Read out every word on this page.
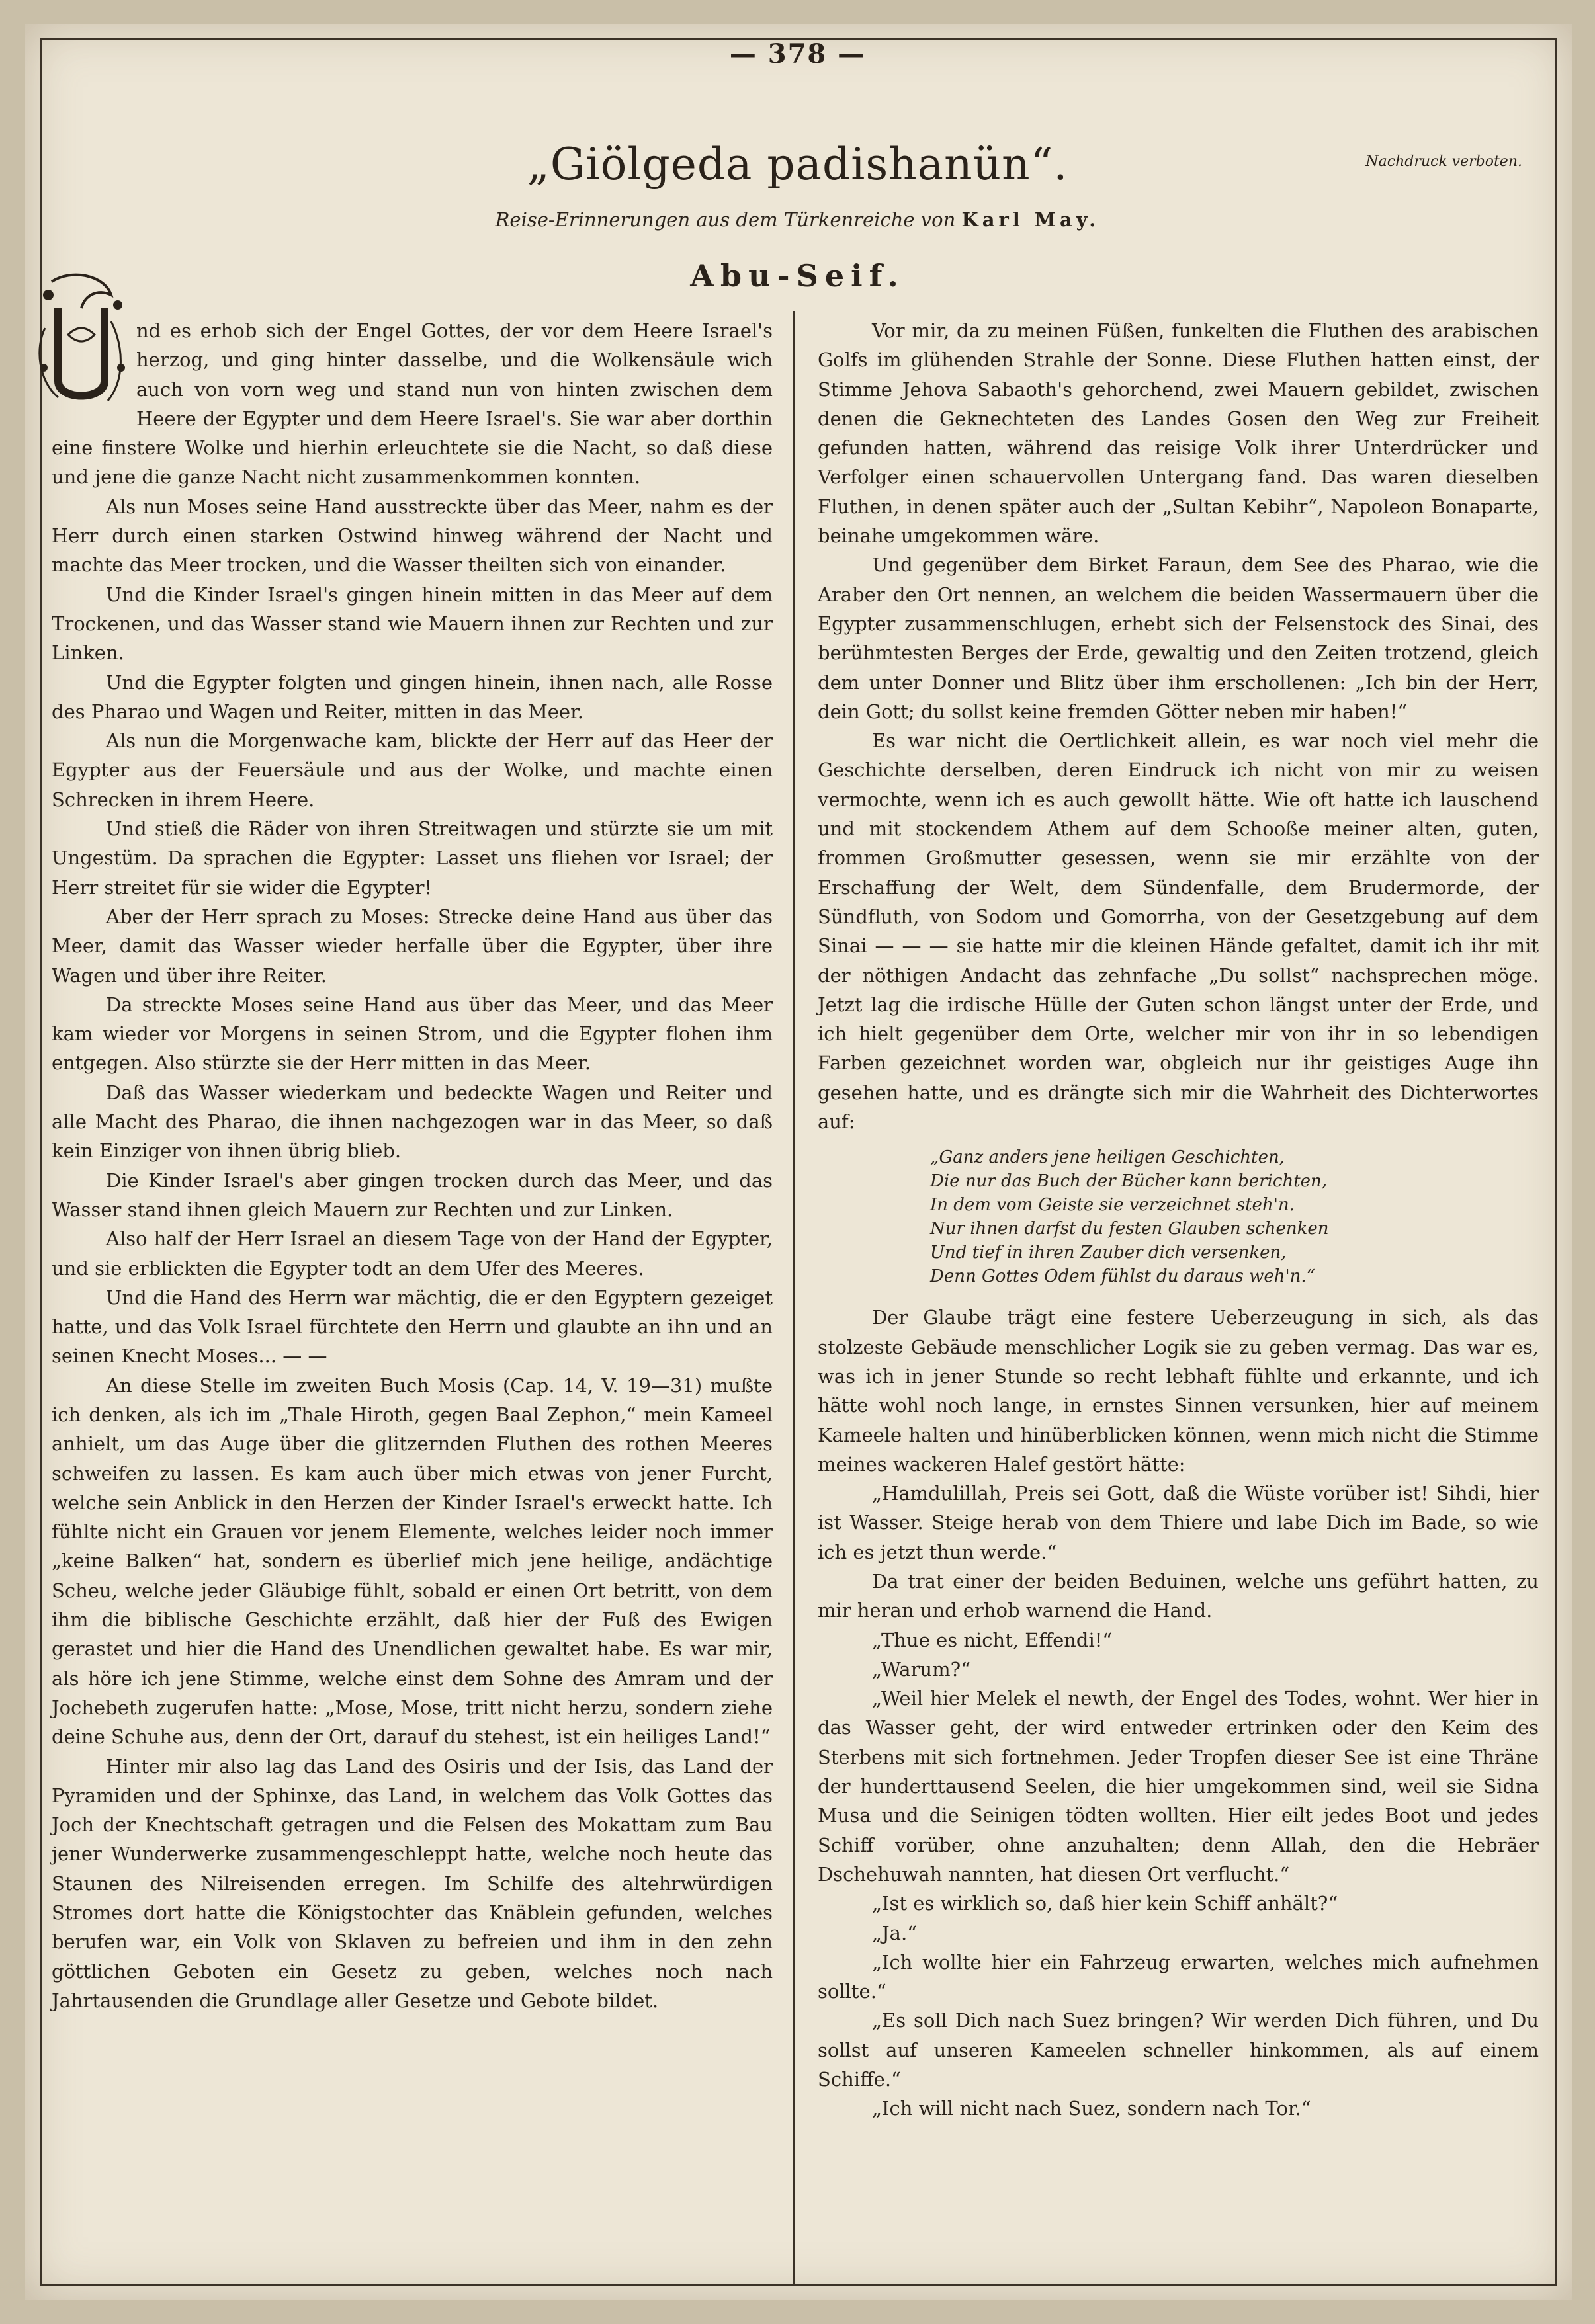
— 378 —
„Giölgeda padishanün“.	Nachdruck verboten.
Reise-Erinnerungen aus dem Türkenreiche von Karl May.
Abu-Seif.

nd es erhob sich der Engel Gottes, der vor dem Heere Israel's herzog, und ging hinter dasselbe, und die Wolkensäule wich auch von vorn weg und stand nun von hinten zwischen dem Heere der Egypter und dem Heere Israel's. Sie war aber dorthin eine finstere Wolke und hierhin erleuchtete sie die Nacht, so daß diese und jene die ganze Nacht nicht zusammenkommen konnten.

Als nun Moses seine Hand ausstreckte über das Meer, nahm es der Herr durch einen starken Ostwind hinweg während der Nacht und machte das Meer trocken, und die Wasser theilten sich von einander.

Und die Kinder Israel's gingen hinein mitten in das Meer auf dem Trockenen, und das Wasser stand wie Mauern ihnen zur Rechten und zur Linken.

Und die Egypter folgten und gingen hinein, ihnen nach, alle Rosse des Pharao und Wagen und Reiter, mitten in das Meer.

Als nun die Morgenwache kam, blickte der Herr auf das Heer der Egypter aus der Feuersäule und aus der Wolke, und machte einen Schrecken in ihrem Heere.

Und stieß die Räder von ihren Streitwagen und stürzte sie um mit Ungestüm. Da sprachen die Egypter: Lasset uns fliehen vor Israel; der Herr streitet für sie wider die Egypter!

Aber der Herr sprach zu Moses: Strecke deine Hand aus über das Meer, damit das Wasser wieder herfalle über die Egypter, über ihre Wagen und über ihre Reiter.

Da streckte Moses seine Hand aus über das Meer, und das Meer kam wieder vor Morgens in seinen Strom, und die Egypter flohen ihm entgegen. Also stürzte sie der Herr mitten in das Meer.

Daß das Wasser wiederkam und bedeckte Wagen und Reiter und alle Macht des Pharao, die ihnen nachgezogen war in das Meer, so daß kein Einziger von ihnen übrig blieb.

Die Kinder Israel's aber gingen trocken durch das Meer, und das Wasser stand ihnen gleich Mauern zur Rechten und zur Linken.

Also half der Herr Israel an diesem Tage von der Hand der Egypter, und sie erblickten die Egypter todt an dem Ufer des Meeres.

Und die Hand des Herrn war mächtig, die er den Egyptern gezeiget hatte, und das Volk Israel fürchtete den Herrn und glaubte an ihn und an seinen Knecht Moses... — —

An diese Stelle im zweiten Buch Mosis (Cap. 14, V. 19—31) mußte ich denken, als ich im „Thale Hiroth, gegen Baal Zephon,“ mein Kameel anhielt, um das Auge über die glitzernden Fluthen des rothen Meeres schweifen zu lassen. Es kam auch über mich etwas von jener Furcht, welche sein Anblick in den Herzen der Kinder Israel's erweckt hatte. Ich fühlte nicht ein Grauen vor jenem Elemente, welches leider noch immer „keine Balken“ hat, sondern es überlief mich jene heilige, andächtige Scheu, welche jeder Gläubige fühlt, sobald er einen Ort betritt, von dem ihm die biblische Geschichte erzählt, daß hier der Fuß des Ewigen gerastet und hier die Hand des Unendlichen gewaltet habe. Es war mir, als höre ich jene Stimme, welche einst dem Sohne des Amram und der Jochebeth zugerufen hatte: „Mose, Mose, tritt nicht herzu, sondern ziehe deine Schuhe aus, denn der Ort, darauf du stehest, ist ein heiliges Land!“

Hinter mir also lag das Land des Osiris und der Isis, das Land der Pyramiden und der Sphinxe, das Land, in welchem das Volk Gottes das Joch der Knechtschaft getragen und die Felsen des Mokattam zum Bau jener Wunderwerke zusammengeschleppt hatte, welche noch heute das Staunen des Nilreisenden erregen. Im Schilfe des altehrwürdigen Stromes dort hatte die Königstochter das Knäblein gefunden, welches berufen war, ein Volk von Sklaven zu befreien und ihm in den zehn göttlichen Geboten ein Gesetz zu geben, welches noch nach Jahrtausenden die Grundlage aller Gesetze und Gebote bildet.

Vor mir, da zu meinen Füßen, funkelten die Fluthen des arabischen Golfs im glühenden Strahle der Sonne. Diese Fluthen hatten einst, der Stimme Jehova Sabaoth's gehorchend, zwei Mauern gebildet, zwischen denen die Geknechteten des Landes Gosen den Weg zur Freiheit gefunden hatten, während das reisige Volk ihrer Unterdrücker und Verfolger einen schauervollen Untergang fand. Das waren dieselben Fluthen, in denen später auch der „Sultan Kebihr“, Napoleon Bonaparte, beinahe umgekommen wäre.

Und gegenüber dem Birket Faraun, dem See des Pharao, wie die Araber den Ort nennen, an welchem die beiden Wassermauern über die Egypter zusammenschlugen, erhebt sich der Felsenstock des Sinai, des berühmtesten Berges der Erde, gewaltig und den Zeiten trotzend, gleich dem unter Donner und Blitz über ihm erschollenen: „Ich bin der Herr, dein Gott; du sollst keine fremden Götter neben mir haben!“

Es war nicht die Oertlichkeit allein, es war noch viel mehr die Geschichte derselben, deren Eindruck ich nicht von mir zu weisen vermochte, wenn ich es auch gewollt hätte. Wie oft hatte ich lauschend und mit stockendem Athem auf dem Schooße meiner alten, guten, frommen Großmutter gesessen, wenn sie mir erzählte von der Erschaffung der Welt, dem Sündenfalle, dem Brudermorde, der Sündfluth, von Sodom und Gomorrha, von der Gesetzgebung auf dem Sinai — — — sie hatte mir die kleinen Hände gefaltet, damit ich ihr mit der nöthigen Andacht das zehnfache „Du sollst“ nachsprechen möge. Jetzt lag die irdische Hülle der Guten schon längst unter der Erde, und ich hielt gegenüber dem Orte, welcher mir von ihr in so lebendigen Farben gezeichnet worden war, obgleich nur ihr geistiges Auge ihn gesehen hatte, und es drängte sich mir die Wahrheit des Dichterwortes auf:

„Ganz anders jene heiligen Geschichten,
Die nur das Buch der Bücher kann berichten,
In dem vom Geiste sie verzeichnet steh'n.
Nur ihnen darfst du festen Glauben schenken
Und tief in ihren Zauber dich versenken,
Denn Gottes Odem fühlst du daraus weh'n.“

Der Glaube trägt eine festere Ueberzeugung in sich, als das stolzeste Gebäude menschlicher Logik sie zu geben vermag. Das war es, was ich in jener Stunde so recht lebhaft fühlte und erkannte, und ich hätte wohl noch lange, in ernstes Sinnen versunken, hier auf meinem Kameele halten und hinüberblicken können, wenn mich nicht die Stimme meines wackeren Halef gestört hätte:

„Hamdulillah, Preis sei Gott, daß die Wüste vorüber ist! Sihdi, hier ist Wasser. Steige herab von dem Thiere und labe Dich im Bade, so wie ich es jetzt thun werde.“

Da trat einer der beiden Beduinen, welche uns geführt hatten, zu mir heran und erhob warnend die Hand.

„Thue es nicht, Effendi!“

„Warum?“

„Weil hier Melek el newth, der Engel des Todes, wohnt. Wer hier in das Wasser geht, der wird entweder ertrinken oder den Keim des Sterbens mit sich fortnehmen. Jeder Tropfen dieser See ist eine Thräne der hunderttausend Seelen, die hier umgekommen sind, weil sie Sidna Musa und die Seinigen tödten wollten. Hier eilt jedes Boot und jedes Schiff vorüber, ohne anzuhalten; denn Allah, den die Hebräer Dschehuwah nannten, hat diesen Ort verflucht.“

„Ist es wirklich so, daß hier kein Schiff anhält?“

„Ja.“

„Ich wollte hier ein Fahrzeug erwarten, welches mich aufnehmen sollte.“

„Es soll Dich nach Suez bringen? Wir werden Dich führen, und Du sollst auf unseren Kameelen schneller hinkommen, als auf einem Schiffe.“

„Ich will nicht nach Suez, sondern nach Tor.“
